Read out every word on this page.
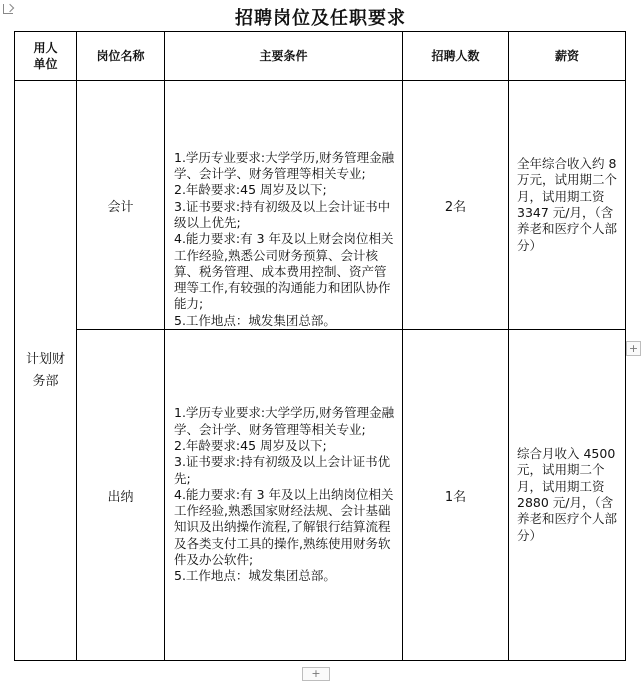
招聘岗位及任职要求
用人单位	岗位名称	主要条件	招聘人数	薪资
计划财务部	会计	1.学历专业要求:大学学历,财务管理金融学、会计学、财务管理等相关专业;
2.年龄要求:45 周岁及以下;
3.证书要求:持有初级及以上会计证书中级以上优先;
4.能力要求:有 3 年及以上财会岗位相关工作经验,熟悉公司财务预算、会计核算、税务管理、成本费用控制、资产管理等工作,有较强的沟通能力和团队协作能力;
5.工作地点：城发集团总部。	2名	全年综合收入约 8 万元，试用期二个月，试用期工资 3347 元/月，（含养老和医疗个人部分）
	出纳	1.学历专业要求:大学学历,财务管理金融学、会计学、财务管理等相关专业;
2.年龄要求:45 周岁及以下;
3.证书要求:持有初级及以上会计证书优先;
4.能力要求:有 3 年及以上出纳岗位相关工作经验,熟悉国家财经法规、会计基础知识及出纳操作流程,了解银行结算流程及各类支付工具的操作,熟练使用财务软件及办公软件;
5.工作地点：城发集团总部。	1名	综合月收入 4500 元，试用期二个月，试用期工资 2880 元/月，（含养老和医疗个人部分）
+
+
